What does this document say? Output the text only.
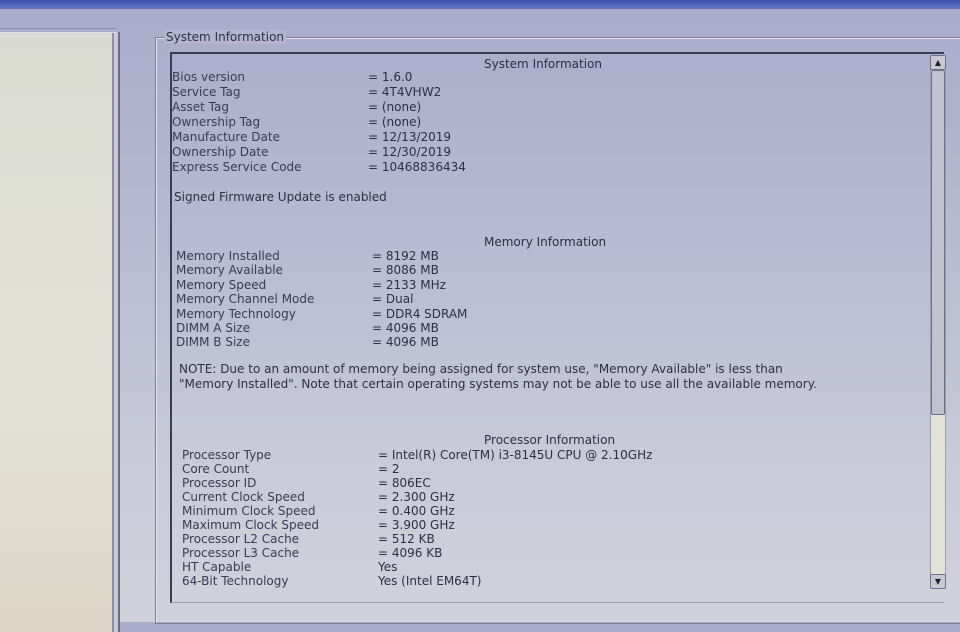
System Information
System Information
Bios version	= 1.6.0
Service Tag	= 4T4VHW2
Asset Tag	= (none)
Ownership Tag	= (none)
Manufacture Date	= 12/13/2019
Ownership Date	= 12/30/2019
Express Service Code	= 10468836434
Signed Firmware Update is enabled
Memory Information
Memory Installed	= 8192 MB
Memory Available	= 8086 MB
Memory Speed	= 2133 MHz
Memory Channel Mode	= Dual
Memory Technology	= DDR4 SDRAM
DIMM A Size	= 4096 MB
DIMM B Size	= 4096 MB
NOTE: Due to an amount of memory being assigned for system use, "Memory Available" is less than "Memory Installed". Note that certain operating systems may not be able to use all the available memory.
Processor Information
Processor Type	= Intel(R) Core(TM) i3-8145U CPU @ 2.10GHz
Core Count	= 2
Processor ID	= 806EC
Current Clock Speed	= 2.300 GHz
Minimum Clock Speed	= 0.400 GHz
Maximum Clock Speed	= 3.900 GHz
Processor L2 Cache	= 512 KB
Processor L3 Cache	= 4096 KB
HT Capable	Yes
64-Bit Technology	Yes (Intel EM64T)
▲
▼
